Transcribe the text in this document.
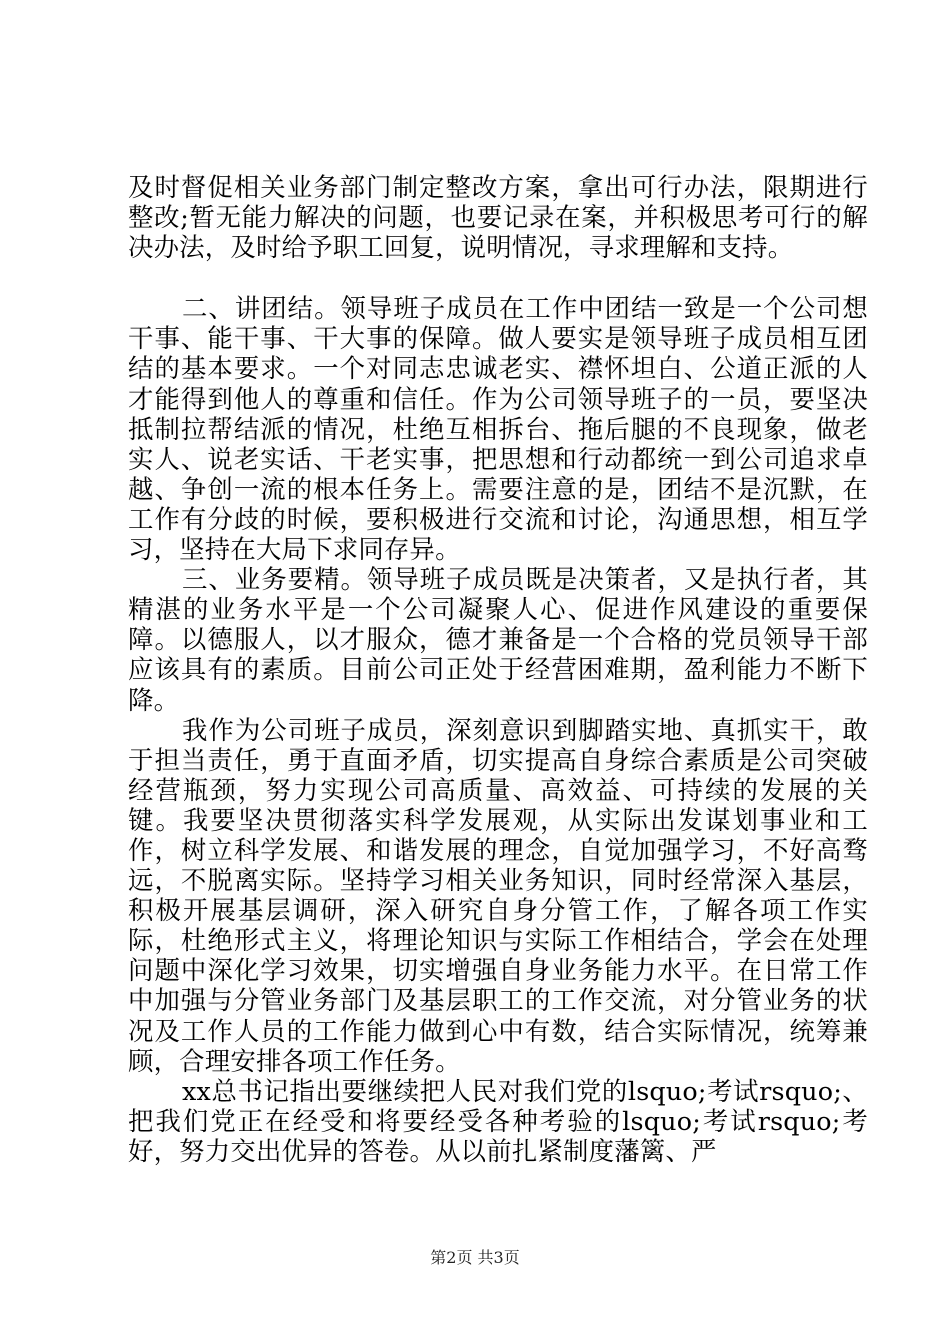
及时督促相关业务部门制定整改方案，拿出可行办法，限期进行整改;暂无能力解决的问题，也要记录在案，并积极思考可行的解决办法，及时给予职工回复，说明情况，寻求理解和支持。

二、讲团结。领导班子成员在工作中团结一致是一个公司想干事、能干事、干大事的保障。做人要实是领导班子成员相互团结的基本要求。一个对同志忠诚老实、襟怀坦白、公道正派的人才能得到他人的尊重和信任。作为公司领导班子的一员，要坚决抵制拉帮结派的情况，杜绝互相拆台、拖后腿的不良现象，做老实人、说老实话、干老实事，把思想和行动都统一到公司追求卓越、争创一流的根本任务上。需要注意的是，团结不是沉默，在工作有分歧的时候，要积极进行交流和讨论，沟通思想，相互学习，坚持在大局下求同存异。

三、业务要精。领导班子成员既是决策者，又是执行者，其精湛的业务水平是一个公司凝聚人心、促进作风建设的重要保障。以德服人，以才服众，德才兼备是一个合格的党员领导干部应该具有的素质。目前公司正处于经营困难期，盈利能力不断下降。

我作为公司班子成员，深刻意识到脚踏实地、真抓实干，敢于担当责任，勇于直面矛盾，切实提高自身综合素质是公司突破经营瓶颈，努力实现公司高质量、高效益、可持续的发展的关键。我要坚决贯彻落实科学发展观，从实际出发谋划事业和工作，树立科学发展、和谐发展的理念，自觉加强学习，不好高骛远，不脱离实际。坚持学习相关业务知识，同时经常深入基层，积极开展基层调研，深入研究自身分管工作，了解各项工作实际，杜绝形式主义，将理论知识与实际工作相结合，学会在处理问题中深化学习效果，切实增强自身业务能力水平。在日常工作中加强与分管业务部门及基层职工的工作交流，对分管业务的状况及工作人员的工作能力做到心中有数，结合实际情况，统筹兼顾，合理安排各项工作任务。

xx总书记指出要继续把人民对我们党的lsquo;考试rsquo;、把我们党正在经受和将要经受各种考验的lsquo;考试rsquo;考好，努力交出优异的答卷。从以前扎紧制度藩篱、严

第2页 共3页
